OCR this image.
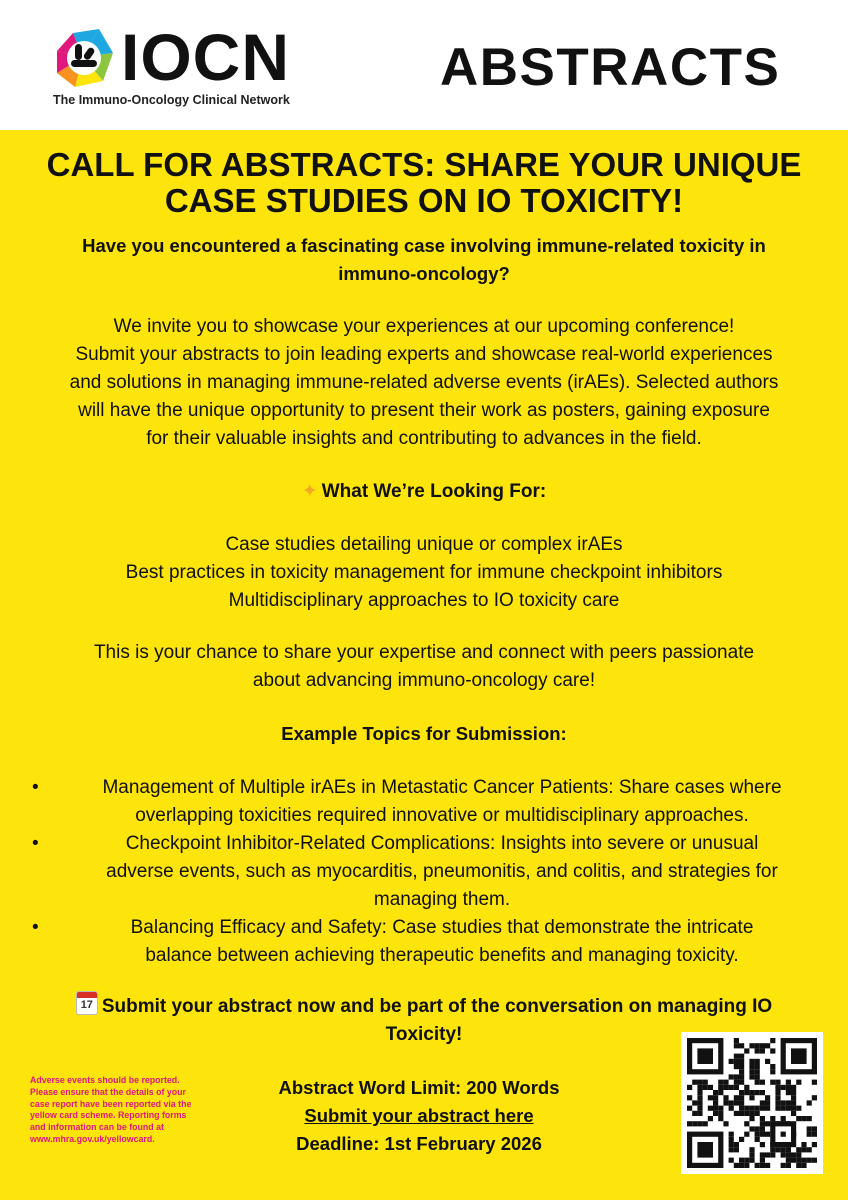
IOCN
The Immuno-Oncology Clinical Network
ABSTRACTS
CALL FOR ABSTRACTS: SHARE YOUR UNIQUE
CASE STUDIES ON IO TOXICITY!
Have you encountered a fascinating case involving immune-related toxicity in
immuno-oncology?
We invite you to showcase your experiences at our upcoming conference!
Submit your abstracts to join leading experts and showcase real-world experiences
and solutions in managing immune-related adverse events (irAEs). Selected authors
will have the unique opportunity to present their work as posters, gaining exposure
for their valuable insights and contributing to advances in the field.
✦ What We’re Looking For:
Case studies detailing unique or complex irAEs
Best practices in toxicity management for immune checkpoint inhibitors
Multidisciplinary approaches to IO toxicity care
This is your chance to share your expertise and connect with peers passionate
about advancing immuno-oncology care!
Example Topics for Submission:
•	Management of Multiple irAEs in Metastatic Cancer Patients: Share cases where
overlapping toxicities required innovative or multidisciplinary approaches.
•	Checkpoint Inhibitor-Related Complications: Insights into severe or unusual
adverse events, such as myocarditis, pneumonitis, and colitis, and strategies for
managing them.
•	Balancing Efficacy and Safety: Case studies that demonstrate the intricate
balance between achieving therapeutic benefits and managing toxicity.
17 Submit your abstract now and be part of the conversation on managing IO
Toxicity!
Adverse events should be reported.
Please ensure that the details of your
case report have been reported via the
yellow card scheme. Reporting forms
and information can be found at
www.mhra.gov.uk/yellowcard.
Abstract Word Limit: 200 Words
Submit your abstract here
Deadline: 1st February 2026
